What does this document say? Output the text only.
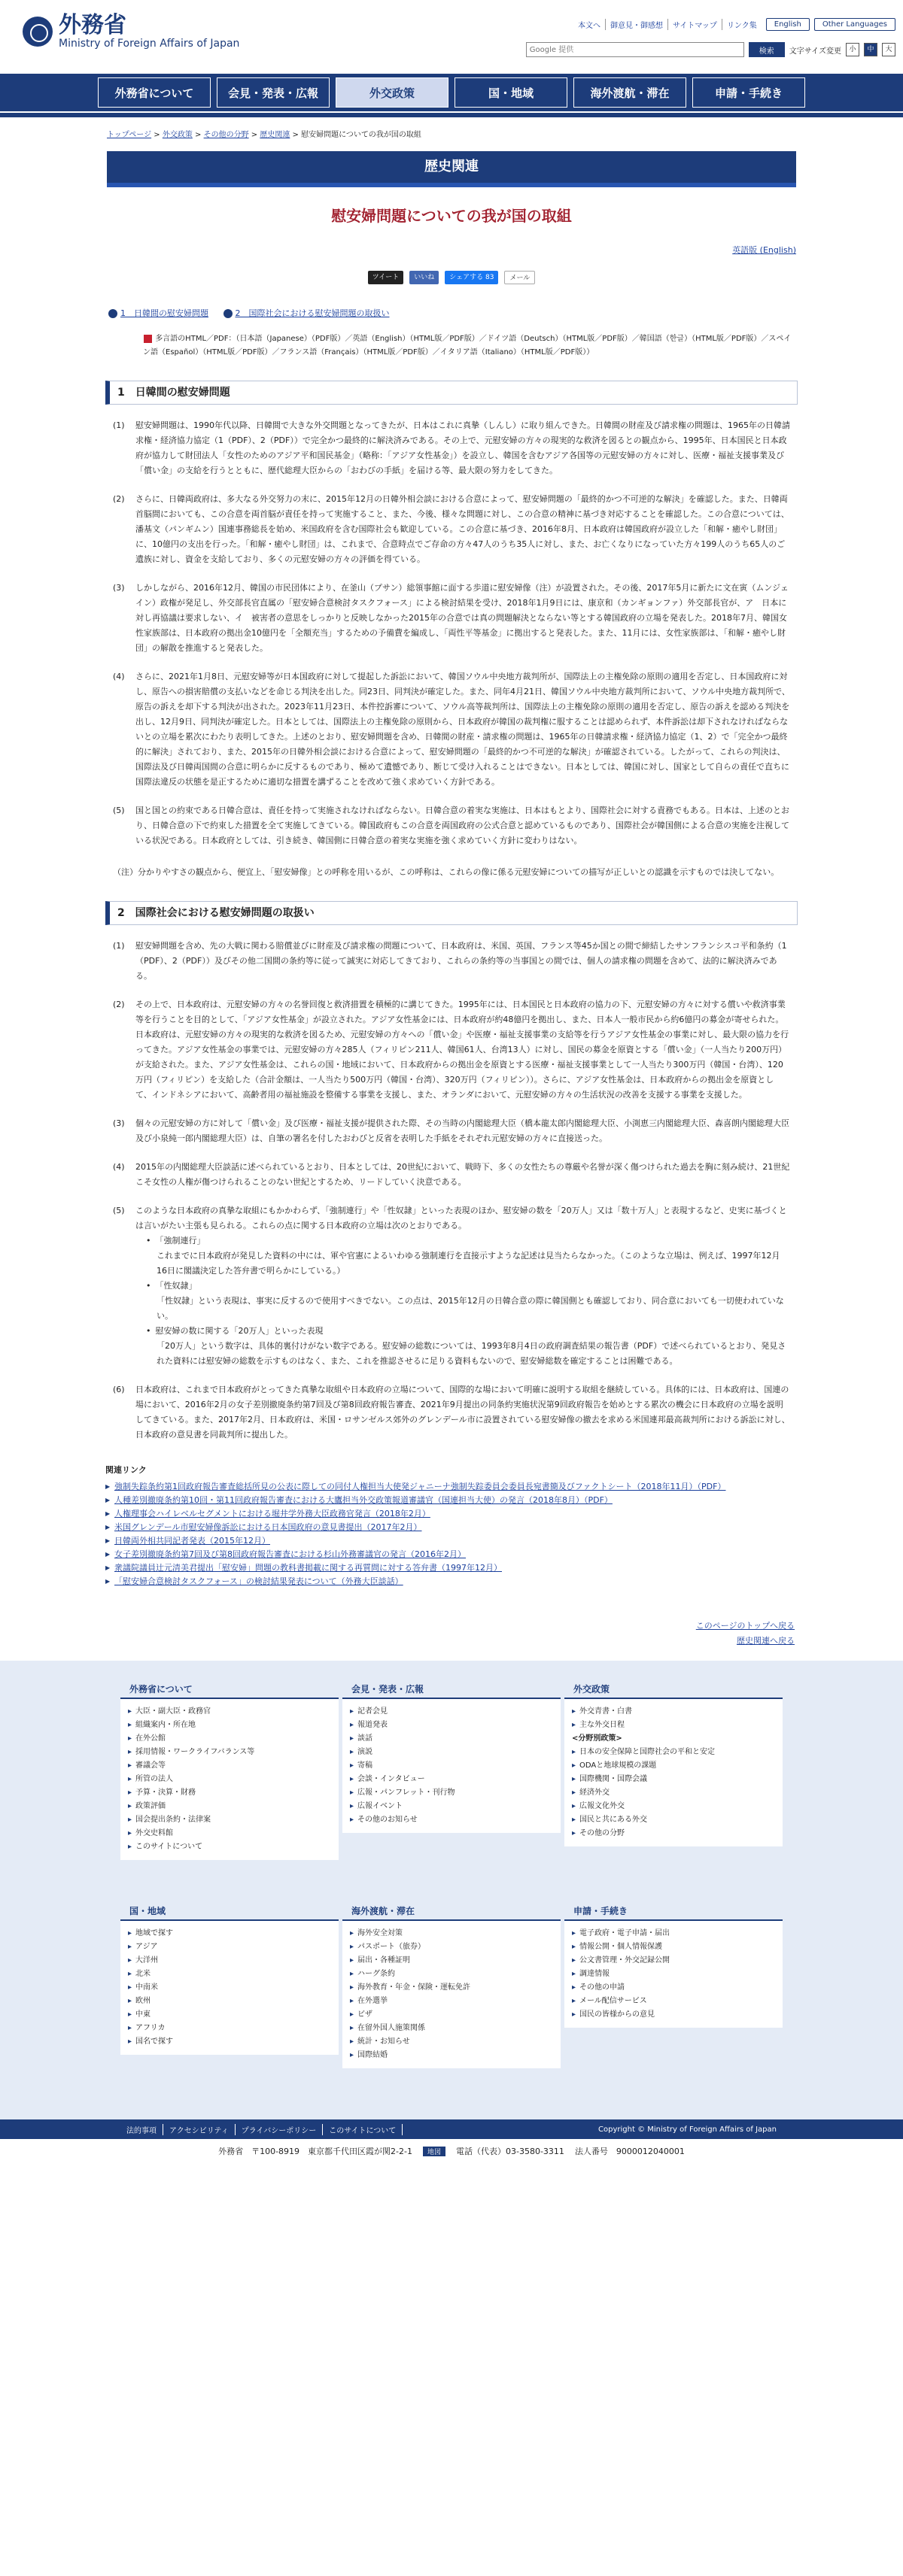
外務省
Ministry of Foreign Affairs of Japan
本文へ	御意見・御感想	サイトマップ	リンク集	English	Other Languages
Google 提供
検索	文字サイズ変更	小	中	大
外務省について	会見・発表・広報	外交政策	国・地域	海外渡航・滞在	申請・手続き
トップページ > 外交政策 > その他の分野 > 歴史関連 > 慰安婦問題についての我が国の取組
歴史関連
慰安婦問題についての我が国の取組
英語版 (English)
ツイート	いいね	シェアする 83	メール
1　日韓間の慰安婦問題	2　国際社会における慰安婦問題の取扱い
多言語のHTML／PDF：（日本語（Japanese）（PDF版）／英語（English）（HTML版／PDF版）／ドイツ語（Deutsch）（HTML版／PDF版）／韓国語（한글）（HTML版／PDF版）／スペイン語（Español）（HTML版／PDF版）／フランス語（Français）（HTML版／PDF版）／イタリア語（Italiano）（HTML版／PDF版））
1　日韓間の慰安婦問題
(1)	慰安婦問題は、1990年代以降、日韓間で大きな外交問題となってきたが、日本はこれに真摯（しんし）に取り組んできた。日韓間の財産及び請求権の問題は、1965年の日韓請求権・経済協力協定（1（PDF）、2（PDF））で完全かつ最終的に解決済みである。その上で、元慰安婦の方々の現実的な救済を図るとの観点から、1995年、日本国民と日本政府が協力して財団法人「女性のためのアジア平和国民基金」（略称：「アジア女性基金」）を設立し、韓国を含むアジア各国等の元慰安婦の方々に対し、医療・福祉支援事業及び「償い金」の支給を行うとともに、歴代総理大臣からの「おわびの手紙」を届ける等、最大限の努力をしてきた。
(2)	さらに、日韓両政府は、多大なる外交努力の末に、2015年12月の日韓外相会談における合意によって、慰安婦問題の「最終的かつ不可逆的な解決」を確認した。また、日韓両首脳間においても、この合意を両首脳が責任を持って実施すること、また、今後、様々な問題に対し、この合意の精神に基づき対応することを確認した。この合意については、潘基文（パンギムン）国連事務総長を始め、米国政府を含む国際社会も歓迎している。この合意に基づき、2016年8月、日本政府は韓国政府が設立した「和解・癒やし財団」に、10億円の支出を行った。「和解・癒やし財団」は、これまで、合意時点でご存命の方々47人のうち35人に対し、また、お亡くなりになっていた方々199人のうち65人のご遺族に対し、資金を支給しており、多くの元慰安婦の方々の評価を得ている。
(3)	しかしながら、2016年12月、韓国の市民団体により、在釜山（プサン）総領事館に面する歩道に慰安婦像（注）が設置された。その後、2017年5月に新たに文在寅（ムンジェイン）政権が発足し、外交部長官直属の「慰安婦合意検討タスクフォース」による検討結果を受け、2018年1月9日には、康京和（カンギョンファ）外交部長官が、ア　日本に対し再協議は要求しない、イ　被害者の意思をしっかりと反映しなかった2015年の合意では真の問題解決とならない等とする韓国政府の立場を発表した。2018年7月、韓国女性家族部は、日本政府の拠出金10億円を「全額充当」するための予備費を編成し、「両性平等基金」に拠出すると発表した。また、11月には、女性家族部は、「和解・癒やし財団」の解散を推進すると発表した。
(4)	さらに、2021年1月8日、元慰安婦等が日本国政府に対して提起した訴訟において、韓国ソウル中央地方裁判所が、国際法上の主権免除の原則の適用を否定し、日本国政府に対し、原告への損害賠償の支払いなどを命じる判決を出した。同23日、同判決が確定した。また、同年4月21日、韓国ソウル中央地方裁判所において、ソウル中央地方裁判所で、原告の訴えを却下する判決が出された。2023年11月23日、本件控訴審について、ソウル高等裁判所は、国際法上の主権免除の原則の適用を否定し、原告の訴えを認める判決を出し、12月9日、同判決が確定した。日本としては、国際法上の主権免除の原則から、日本政府が韓国の裁判権に服することは認められず、本件訴訟は却下されなければならないとの立場を累次にわたり表明してきた。上述のとおり、慰安婦問題を含め、日韓間の財産・請求権の問題は、1965年の日韓請求権・経済協力協定（1、2）で「完全かつ最終的に解決」されており、また、2015年の日韓外相会談における合意によって、慰安婦問題の「最終的かつ不可逆的な解決」が確認されている。したがって、これらの判決は、国際法及び日韓両国間の合意に明らかに反するものであり、極めて遺憾であり、断じて受け入れることはできない。日本としては、韓国に対し、国家として自らの責任で直ちに国際法違反の状態を是正するために適切な措置を講ずることを改めて強く求めていく方針である。
(5)	国と国との約束である日韓合意は、責任を持って実施されなければならない。日韓合意の着実な実施は、日本はもとより、国際社会に対する責務でもある。日本は、上述のとおり、日韓合意の下で約束した措置を全て実施してきている。韓国政府もこの合意を両国政府の公式合意と認めているものであり、国際社会が韓国側による合意の実施を注視している状況である。日本政府としては、引き続き、韓国側に日韓合意の着実な実施を強く求めていく方針に変わりはない。
（注）分かりやすさの観点から、便宜上、「慰安婦像」との呼称を用いるが、この呼称は、これらの像に係る元慰安婦についての描写が正しいとの認識を示すものでは決してない。
2　国際社会における慰安婦問題の取扱い
(1)	慰安婦問題を含め、先の大戦に関わる賠償並びに財産及び請求権の問題について、日本政府は、米国、英国、フランス等45か国との間で締結したサンフランシスコ平和条約（1（PDF）、2（PDF））及びその他二国間の条約等に従って誠実に対応してきており、これらの条約等の当事国との間では、個人の請求権の問題を含めて、法的に解決済みである。
(2)	その上で、日本政府は、元慰安婦の方々の名誉回復と救済措置を積極的に講じてきた。1995年には、日本国民と日本政府の協力の下、元慰安婦の方々に対する償いや救済事業等を行うことを目的として、「アジア女性基金」が設立された。アジア女性基金には、日本政府が約48億円を拠出し、また、日本人一般市民から約6億円の募金が寄せられた。日本政府は、元慰安婦の方々の現実的な救済を図るため、元慰安婦の方々への「償い金」や医療・福祉支援事業の支給等を行うアジア女性基金の事業に対し、最大限の協力を行ってきた。アジア女性基金の事業では、元慰安婦の方々285人（フィリピン211人、韓国61人、台湾13人）に対し、国民の募金を原資とする「償い金」（一人当たり200万円）が支給された。また、アジア女性基金は、これらの国・地域において、日本政府からの拠出金を原資とする医療・福祉支援事業として一人当たり300万円（韓国・台湾）、120万円（フィリピン）を支給した（合計金額は、一人当たり500万円（韓国・台湾）、320万円（フィリピン））。さらに、アジア女性基金は、日本政府からの拠出金を原資として、インドネシアにおいて、高齢者用の福祉施設を整備する事業を支援し、また、オランダにおいて、元慰安婦の方々の生活状況の改善を支援する事業を支援した。
(3)	個々の元慰安婦の方に対して「償い金」及び医療・福祉支援が提供された際、その当時の内閣総理大臣（橋本龍太郎内閣総理大臣、小渕恵三内閣総理大臣、森喜朗内閣総理大臣及び小泉純一郎内閣総理大臣）は、自筆の署名を付したおわびと反省を表明した手紙をそれぞれ元慰安婦の方々に直接送った。
(4)	2015年の内閣総理大臣談話に述べられているとおり、日本としては、20世紀において、戦時下、多くの女性たちの尊厳や名誉が深く傷つけられた過去を胸に刻み続け、21世紀こそ女性の人権が傷つけられることのない世紀とするため、リードしていく決意である。
(5)	このような日本政府の真摯な取組にもかかわらず、「強制連行」や「性奴隷」といった表現のほか、慰安婦の数を「20万人」又は「数十万人」と表現するなど、史実に基づくとは言いがたい主張も見られる。これらの点に関する日本政府の立場は次のとおりである。
• 「強制連行」
これまでに日本政府が発見した資料の中には、軍や官憲によるいわゆる強制連行を直接示すような記述は見当たらなかった。（このような立場は、例えば、1997年12月16日に閣議決定した答弁書で明らかにしている。）
• 「性奴隷」
「性奴隷」という表現は、事実に反するので使用すべきでない。この点は、2015年12月の日韓合意の際に韓国側とも確認しており、同合意においても一切使われていない。
• 慰安婦の数に関する「20万人」といった表現
「20万人」という数字は、具体的裏付けがない数字である。慰安婦の総数については、1993年8月4日の政府調査結果の報告書（PDF）で述べられているとおり、発見された資料には慰安婦の総数を示すものはなく、また、これを推認させるに足りる資料もないので、慰安婦総数を確定することは困難である。
(6)	日本政府は、これまで日本政府がとってきた真摯な取組や日本政府の立場について、国際的な場において明確に説明する取組を継続している。具体的には、日本政府は、国連の場において、2016年2月の女子差別撤廃条約第7回及び第8回政府報告審査、2021年9月提出の同条約実施状況第9回政府報告を始めとする累次の機会に日本政府の立場を説明してきている。また、2017年2月、日本政府は、米国・ロサンゼルス郊外のグレンデール市に設置されている慰安婦像の撤去を求める米国連邦最高裁判所における訴訟に対し、日本政府の意見書を同裁判所に提出した。
関連リンク
▶ 強制失踪条約第1回政府報告審査総括所見の公表に際しての同付人権担当大使発ジャニーナ強制失踪委員会委員長宛書簡及びファクトシート（2018年11月）（PDF）
▶ 人種差別撤廃条約第10回・第11回政府報告審査における大鷹担当外交政策報道審議官（国連担当大使）の発言（2018年8月）（PDF）
▶ 人権理事会ハイレベルセグメントにおける堀井学外務大臣政務官発言（2018年2月）
▶ 米国グレンデール市慰安婦像訴訟における日本国政府の意見書提出（2017年2月）
▶ 日韓両外相共同記者発表（2015年12月）
▶ 女子差別撤廃条約第7回及び第8回政府報告審査における杉山外務審議官の発言（2016年2月）
▶ 衆議院議員辻元清美君提出「慰安婦」問題の教科書掲載に関する再質問に対する答弁書（1997年12月）
▶ 「慰安婦合意検討タスクフォース」の検討結果発表について（外務大臣談話）
このページのトップへ戻る
歴史関連へ戻る
外務省について
▸ 大臣・副大臣・政務官
▸ 組織案内・所在地
▸ 在外公館
▸ 採用情報・ワークライフバランス等
▸ 審議会等
▸ 所管の法人
▸ 予算・決算・財務
▸ 政策評価
▸ 国会提出条約・法律案
▸ 外交史料館
▸ このサイトについて
会見・発表・広報
▸ 記者会見
▸ 報道発表
▸ 談話
▸ 演説
▸ 寄稿
▸ 会談・インタビュー
▸ 広報・パンフレット・刊行物
▸ 広報イベント
▸ その他のお知らせ
外交政策
▸ 外交青書・白書
▸ 主な外交日程
<分野別政策>
▸ 日本の安全保障と国際社会の平和と安定
▸ ODAと地球規模の課題
▸ 国際機関・国際会議
▸ 経済外交
▸ 広報文化外交
▸ 国民と共にある外交
▸ その他の分野
国・地域
▸ 地域で探す
▸ アジア
▸ 大洋州
▸ 北米
▸ 中南米
▸ 欧州
▸ 中東
▸ アフリカ
▸ 国名で探す
海外渡航・滞在
▸ 海外安全対策
▸ パスポート（旅券）
▸ 届出・各種証明
▸ ハーグ条約
▸ 海外教育・年金・保険・運転免許
▸ 在外選挙
▸ ビザ
▸ 在留外国人施策関係
▸ 統計・お知らせ
▸ 国際結婚
申請・手続き
▸ 電子政府・電子申請・届出
▸ 情報公開・個人情報保護
▸ 公文書管理・外交記録公開
▸ 調達情報
▸ その他の申請
▸ メール配信サービス
▸ 国民の皆様からの意見
法的事項	アクセシビリティ	プライバシーポリシー	このサイトについて	Copyright © Ministry of Foreign Affairs of Japan
外務省　〒100-8919　東京都千代田区霞が関2-2-1	地図	電話（代表）03-3580-3311 法人番号　9000012040001
